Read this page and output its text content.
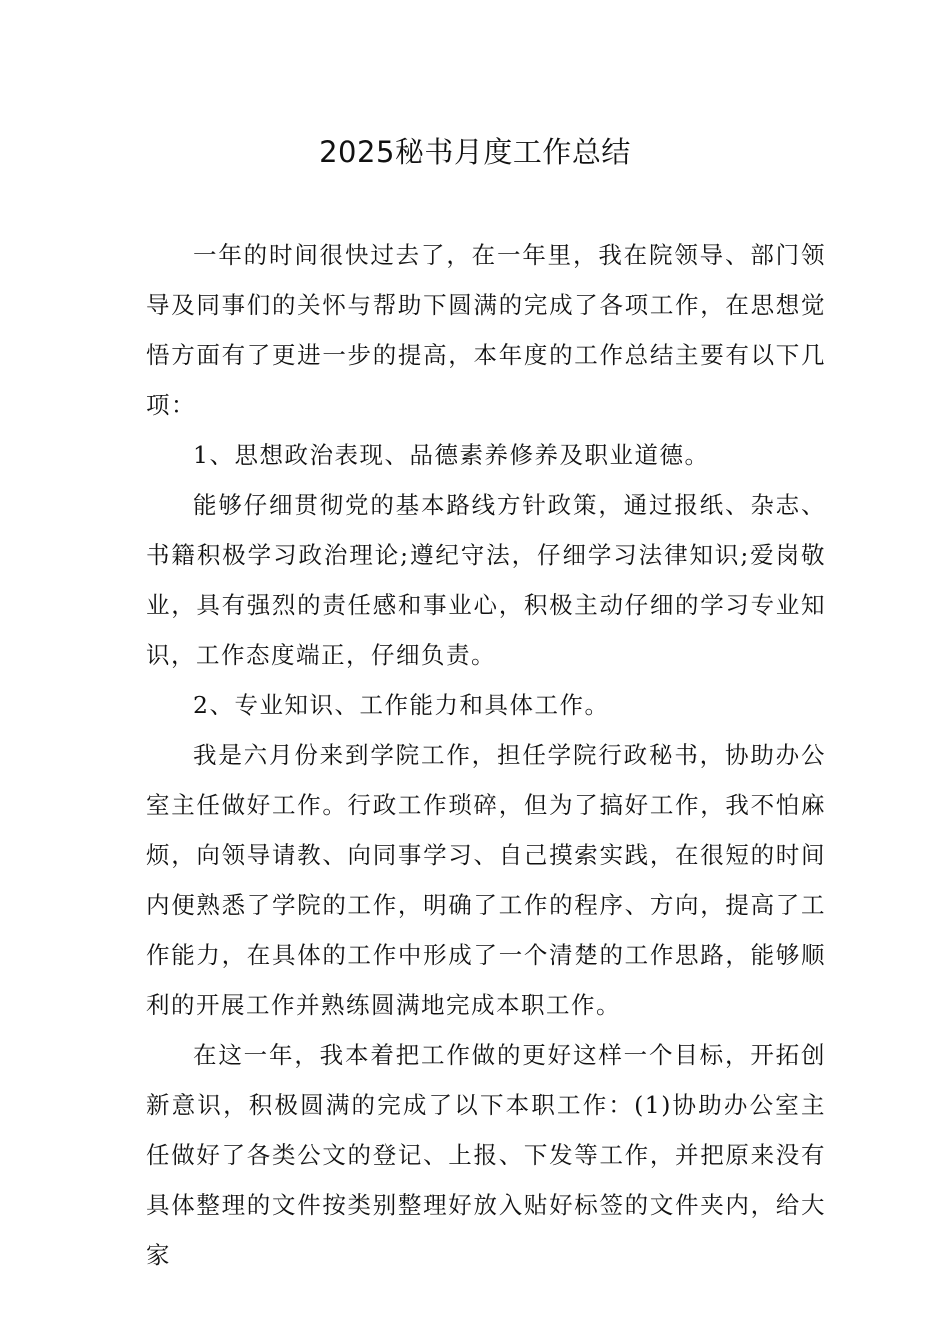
2025秘书月度工作总结

一年的时间很快过去了，在一年里，我在院领导、部门领导及同事们的关怀与帮助下圆满的完成了各项工作，在思想觉悟方面有了更进一步的提高，本年度的工作总结主要有以下几项：

1、思想政治表现、品德素养修养及职业道德。

能够仔细贯彻党的基本路线方针政策，通过报纸、杂志、书籍积极学习政治理论;遵纪守法，仔细学习法律知识;爱岗敬业，具有强烈的责任感和事业心，积极主动仔细的学习专业知识，工作态度端正，仔细负责。

2、专业知识、工作能力和具体工作。

我是六月份来到学院工作，担任学院行政秘书，协助办公室主任做好工作。行政工作琐碎，但为了搞好工作，我不怕麻烦，向领导请教、向同事学习、自己摸索实践，在很短的时间内便熟悉了学院的工作，明确了工作的程序、方向，提高了工作能力，在具体的工作中形成了一个清楚的工作思路，能够顺利的开展工作并熟练圆满地完成本职工作。

在这一年，我本着把工作做的更好这样一个目标，开拓创新意识，积极圆满的完成了以下本职工作：(1)协助办公室主任做好了各类公文的登记、上报、下发等工作，并把原来没有具体整理的文件按类别整理好放入贴好标签的文件夹内，给大家
